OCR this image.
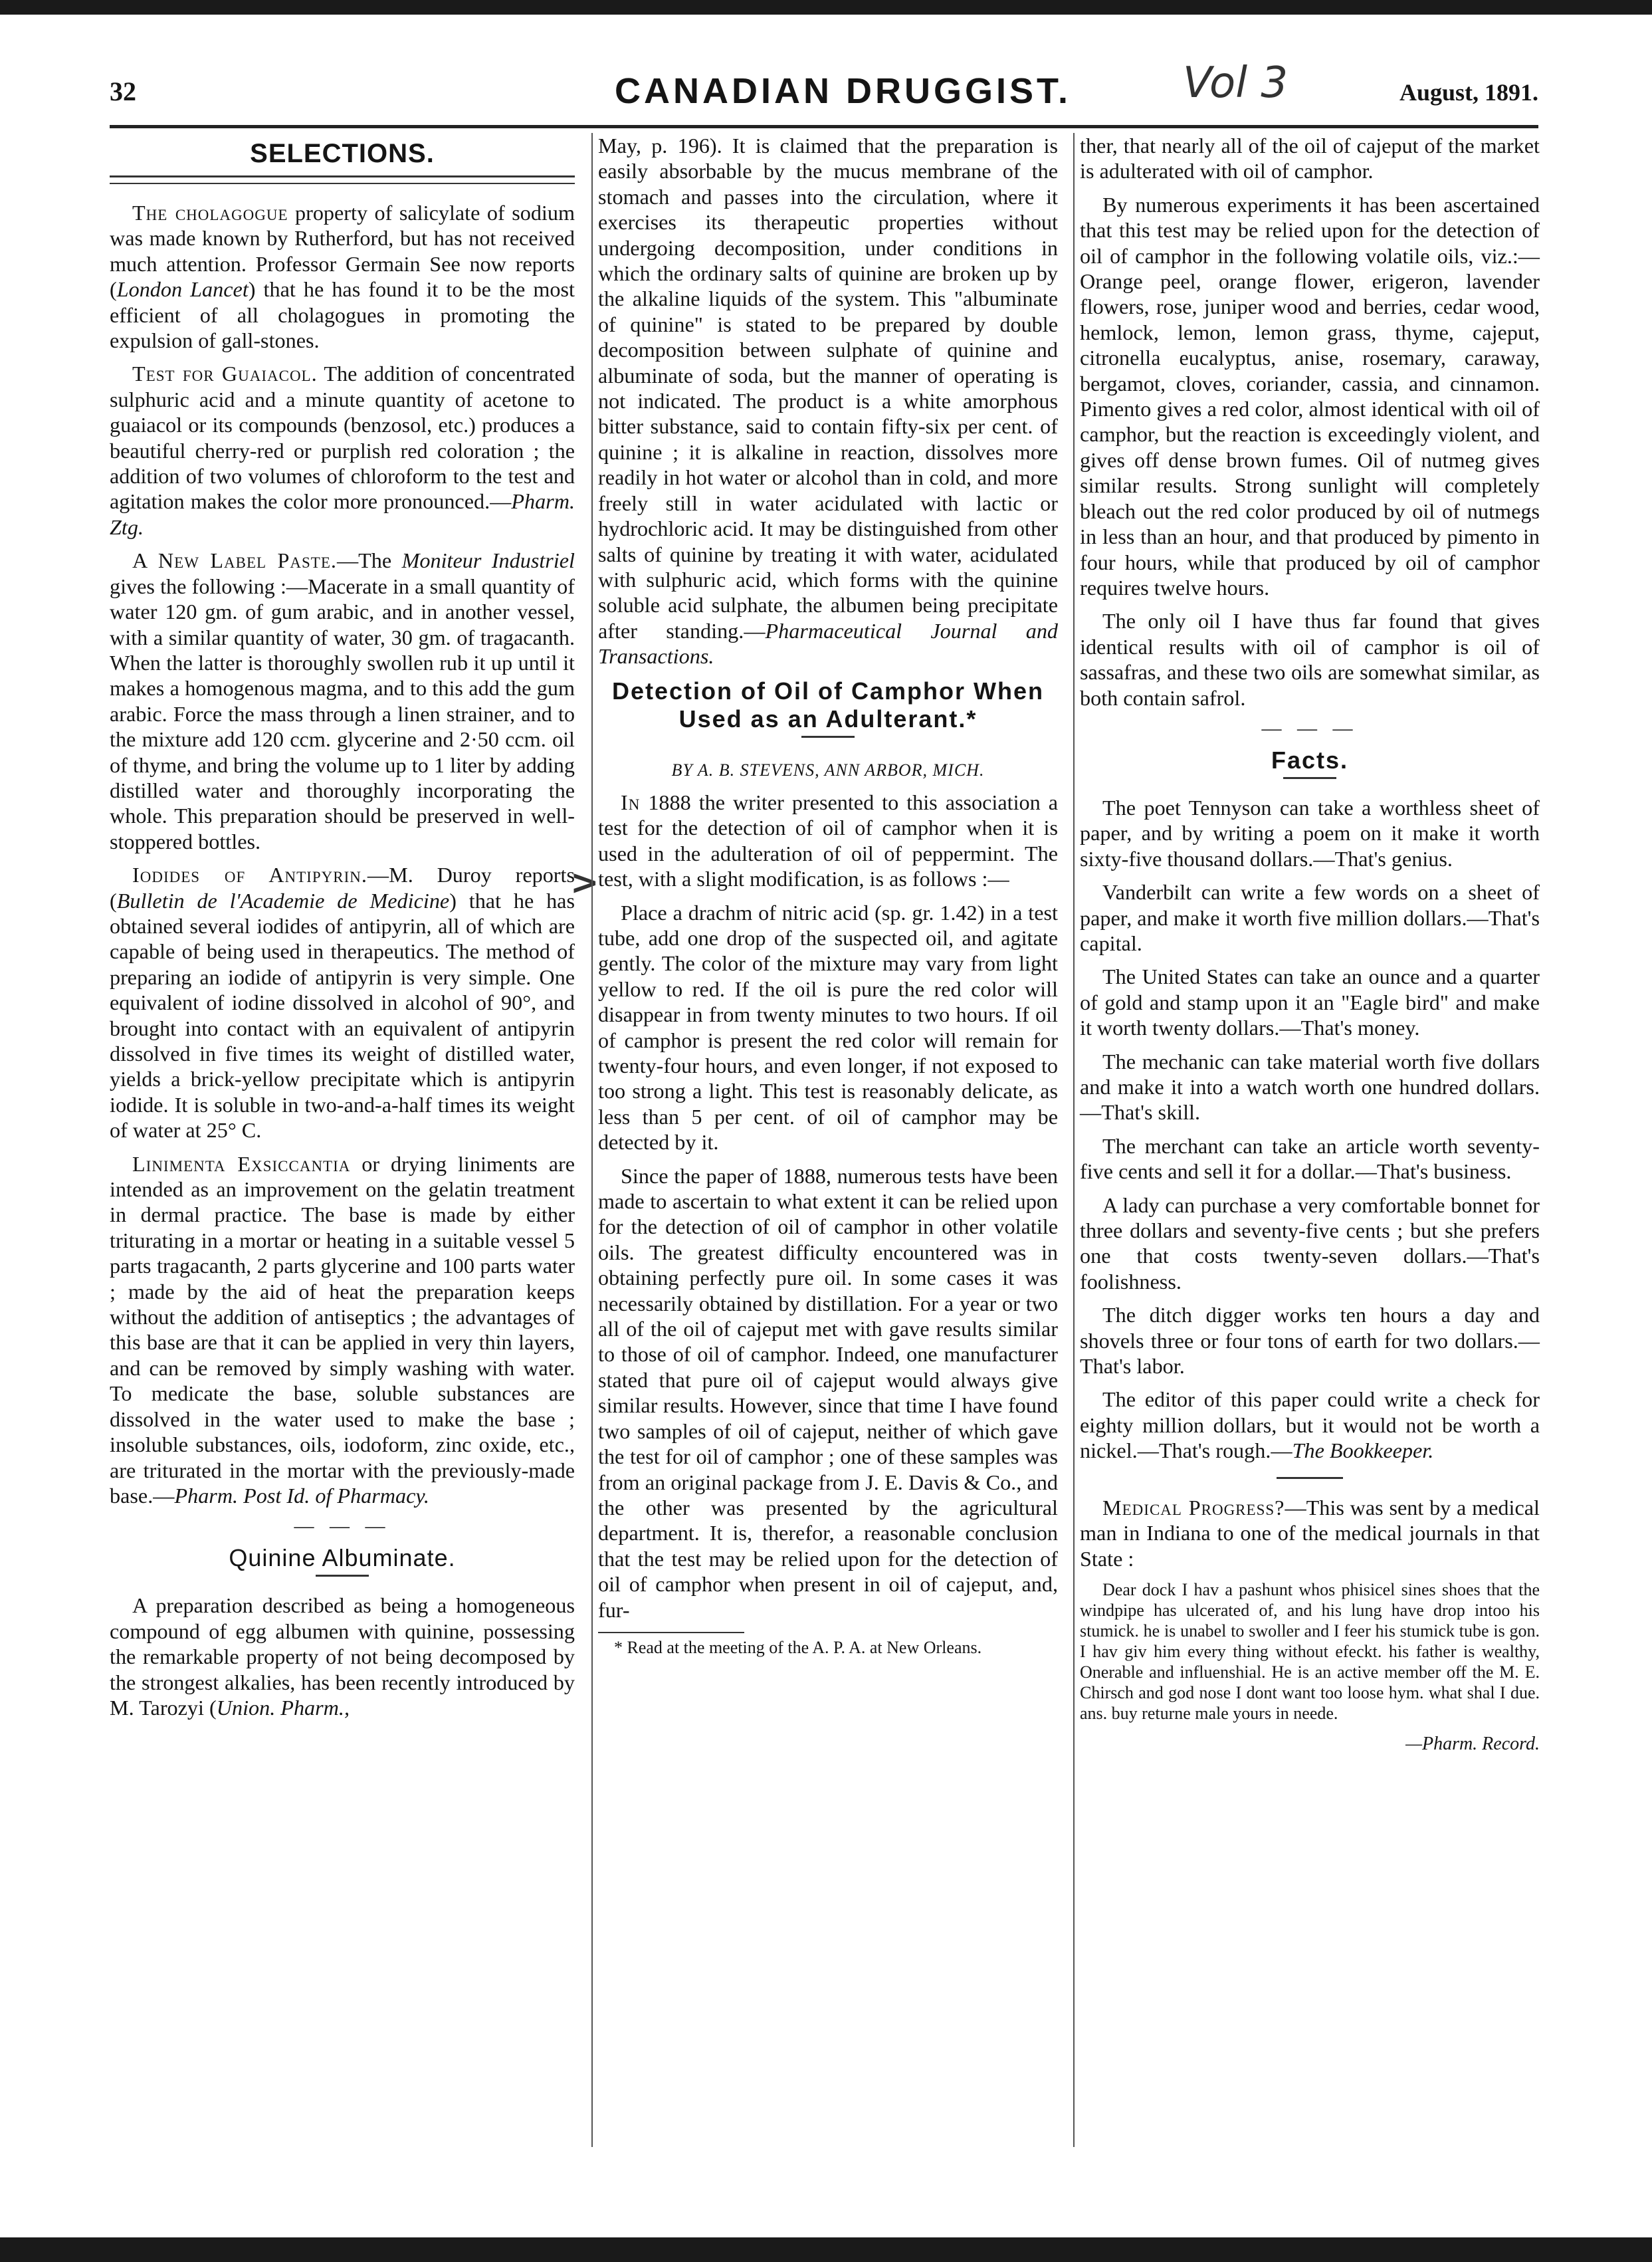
32	CANADIAN DRUGGIST.	Vol 3	August, 1891.
>
SELECTIONS.

The cholagogue property of salicylate of sodium was made known by Rutherford, but has not received much attention. Professor Germain See now reports (London Lancet) that he has found it to be the most efficient of all cholagogues in promoting the expulsion of gall-stones.

Test for Guaiacol. The addition of concentrated sulphuric acid and a minute quantity of acetone to guaiacol or its compounds (benzosol, etc.) produces a beautiful cherry-red or purplish red coloration ; the addition of two volumes of chloroform to the test and agitation makes the color more pronounced.—Pharm. Ztg.

A New Label Paste.—The Moniteur Industriel gives the following :—Macerate in a small quantity of water 120 gm. of gum arabic, and in another vessel, with a similar quantity of water, 30 gm. of tragacanth. When the latter is thoroughly swollen rub it up until it makes a homogenous magma, and to this add the gum arabic. Force the mass through a linen strainer, and to the mixture add 120 ccm. glycerine and 2·50 ccm. oil of thyme, and bring the volume up to 1 liter by adding distilled water and thoroughly incorporating the whole. This preparation should be preserved in well-stoppered bottles.

Iodides of Antipyrin.—M. Duroy reports (Bulletin de l'Academie de Medicine) that he has obtained several iodides of antipyrin, all of which are capable of being used in therapeutics. The method of preparing an iodide of antipyrin is very simple. One equivalent of iodine dissolved in alcohol of 90°, and brought into contact with an equivalent of antipyrin dissolved in five times its weight of distilled water, yields a brick-yellow precipitate which is antipyrin iodide. It is soluble in two-and-a-half times its weight of water at 25° C.

Linimenta Exsiccantia or drying liniments are intended as an improvement on the gelatin treatment in dermal practice. The base is made by either triturating in a mortar or heating in a suitable vessel 5 parts tragacanth, 2 parts glycerine and 100 parts water ; made by the aid of heat the preparation keeps without the addition of antiseptics ; the advantages of this base are that it can be applied in very thin layers, and can be removed by simply washing with water. To medicate the base, soluble substances are dissolved in the water used to make the base ; insoluble substances, oils, iodoform, zinc oxide, etc., are triturated in the mortar with the previously-made base.—Pharm. Post Id. of Pharmacy.

— — —
Quinine Albuminate.

A preparation described as being a homogeneous compound of egg albumen with quinine, possessing the remarkable property of not being decomposed by the strongest alkalies, has been recently introduced by M. Tarozyi (Union. Pharm.,

May, p. 196). It is claimed that the preparation is easily absorbable by the mucus membrane of the stomach and passes into the circulation, where it exercises its therapeutic properties without undergoing decomposition, under conditions in which the ordinary salts of quinine are broken up by the alkaline liquids of the system. This "albuminate of quinine" is stated to be prepared by double decomposition between sulphate of quinine and albuminate of soda, but the manner of operating is not indicated. The product is a white amorphous bitter substance, said to contain fifty-six per cent. of quinine ; it is alkaline in reaction, dissolves more readily in hot water or alcohol than in cold, and more freely still in water acidulated with lactic or hydrochloric acid. It may be distinguished from other salts of quinine by treating it with water, acidulated with sulphuric acid, which forms with the quinine soluble acid sulphate, the albumen being precipitate after standing.—Pharmaceutical Journal and Transactions.

Detection of Oil of Camphor When Used as an Adulterant.*
BY A. B. STEVENS, ANN ARBOR, MICH.

In 1888 the writer presented to this association a test for the detection of oil of camphor when it is used in the adulteration of oil of peppermint. The test, with a slight modification, is as follows :—

Place a drachm of nitric acid (sp. gr. 1.42) in a test tube, add one drop of the suspected oil, and agitate gently. The color of the mixture may vary from light yellow to red. If the oil is pure the red color will disappear in from twenty minutes to two hours. If oil of camphor is present the red color will remain for twenty-four hours, and even longer, if not exposed to too strong a light. This test is reasonably delicate, as less than 5 per cent. of oil of camphor may be detected by it.

Since the paper of 1888, numerous tests have been made to ascertain to what extent it can be relied upon for the detection of oil of camphor in other volatile oils. The greatest difficulty encountered was in obtaining perfectly pure oil. In some cases it was necessarily obtained by distillation. For a year or two all of the oil of cajeput met with gave results similar to those of oil of camphor. Indeed, one manufacturer stated that pure oil of cajeput would always give similar results. However, since that time I have found two samples of oil of cajeput, neither of which gave the test for oil of camphor ; one of these samples was from an original package from J. E. Davis & Co., and the other was presented by the agricultural department. It is, therefor, a reasonable conclusion that the test may be relied upon for the detection of oil of camphor when present in oil of cajeput, and, fur-

* Read at the meeting of the A. P. A. at New Orleans.

ther, that nearly all of the oil of cajeput of the market is adulterated with oil of camphor.

By numerous experiments it has been ascertained that this test may be relied upon for the detection of oil of camphor in the following volatile oils, viz.:—Orange peel, orange flower, erigeron, lavender flowers, rose, juniper wood and berries, cedar wood, hemlock, lemon, lemon grass, thyme, cajeput, citronella eucalyptus, anise, rosemary, caraway, bergamot, cloves, coriander, cassia, and cinnamon. Pimento gives a red color, almost identical with oil of camphor, but the reaction is exceedingly violent, and gives off dense brown fumes. Oil of nutmeg gives similar results. Strong sunlight will completely bleach out the red color produced by oil of nutmegs in less than an hour, and that produced by pimento in four hours, while that produced by oil of camphor requires twelve hours.

The only oil I have thus far found that gives identical results with oil of camphor is oil of sassafras, and these two oils are somewhat similar, as both contain safrol.

— — —
Facts.

The poet Tennyson can take a worthless sheet of paper, and by writing a poem on it make it worth sixty-five thousand dollars.—That's genius.

Vanderbilt can write a few words on a sheet of paper, and make it worth five million dollars.—That's capital.

The United States can take an ounce and a quarter of gold and stamp upon it an "Eagle bird" and make it worth twenty dollars.—That's money.

The mechanic can take material worth five dollars and make it into a watch worth one hundred dollars.—That's skill.

The merchant can take an article worth seventy-five cents and sell it for a dollar.—That's business.

A lady can purchase a very comfortable bonnet for three dollars and seventy-five cents ; but she prefers one that costs twenty-seven dollars.—That's foolishness.

The ditch digger works ten hours a day and shovels three or four tons of earth for two dollars.—That's labor.

The editor of this paper could write a check for eighty million dollars, but it would not be worth a nickel.—That's rough.—The Bookkeeper.

Medical Progress?—This was sent by a medical man in Indiana to one of the medical journals in that State :

Dear dock I hav a pashunt whos phisicel sines shoes that the windpipe has ulcerated of, and his lung have drop intoo his stumick. he is unabel to swoller and I feer his stumick tube is gon. I hav giv him every thing without efeckt. his father is wealthy, Onerable and influenshial. He is an active member off the M. E. Chirsch and god nose I dont want too loose hym. what shal I due. ans. buy returne male yours in neede.

—Pharm. Record.
